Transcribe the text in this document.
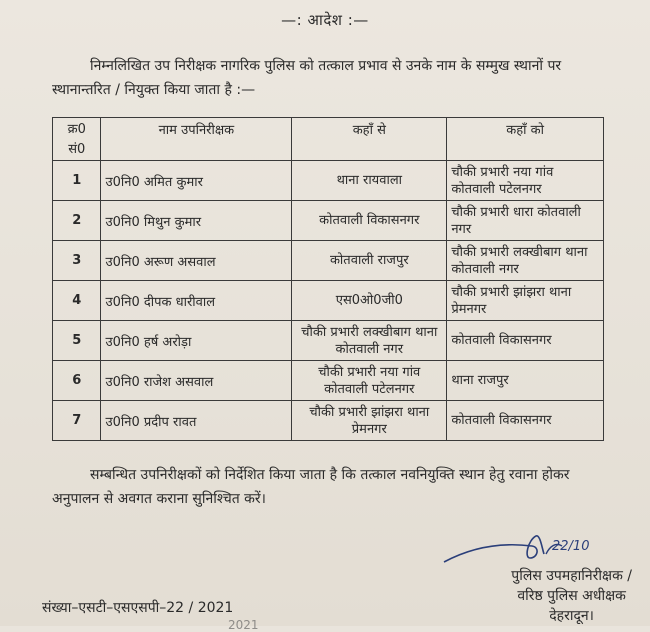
—: आदेश :—
निम्नलिखित उप निरीक्षक नागरिक पुलिस को तत्काल प्रभाव से उनके नाम के सम्मुख स्थानों पर स्थानान्तरित / नियुक्त किया जाता है :—
क्र0
सं0	नाम उपनिरीक्षक	कहाँ से	कहाँ को
1	उ0नि0 अमित कुमार	थाना रायवाला	चौकी प्रभारी नया गांव कोतवाली पटेलनगर
2	उ0नि0 मिथुन कुमार	कोतवाली विकासनगर	चौकी प्रभारी धारा कोतवाली नगर
3	उ0नि0 अरूण असवाल	कोतवाली राजपुर	चौकी प्रभारी लक्खीबाग थाना कोतवाली नगर
4	उ0नि0 दीपक धारीवाल	एस0ओ0जी0	चौकी प्रभारी झांझरा थाना प्रेमनगर
5	उ0नि0 हर्ष अरोड़ा	चौकी प्रभारी लक्खीबाग थाना कोतवाली नगर	कोतवाली विकासनगर
6	उ0नि0 राजेश असवाल	चौकी प्रभारी नया गांव कोतवाली पटेलनगर	थाना राजपुर
7	उ0नि0 प्रदीप रावत	चौकी प्रभारी झांझरा थाना प्रेमनगर	कोतवाली विकासनगर
सम्बन्धित उपनिरीक्षकों को निर्देशित किया जाता है कि तत्काल नवनियुक्ति स्थान हेतु रवाना होकर अनुपालन से अवगत कराना सुनिश्चित करें।
22/10
पुलिस उपमहानिरीक्षक /
वरिष्ठ पुलिस अधीक्षक
देहरादून।
संख्या–एसटी–एसएसपी–22 / 2021
2021
